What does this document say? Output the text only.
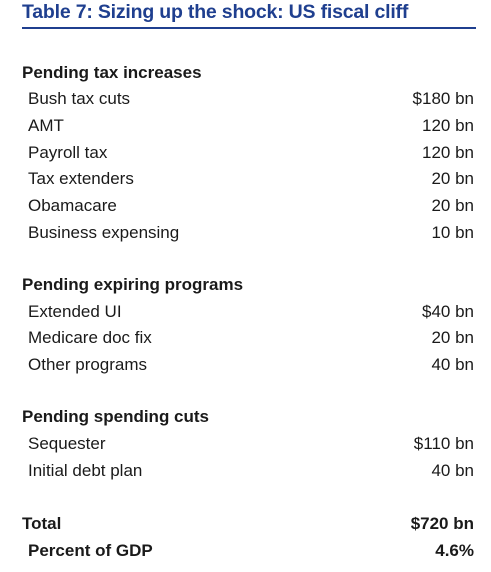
Table 7: Sizing up the shock: US fiscal cliff
Pending tax increases
Bush tax cuts	$180 bn
AMT	120 bn
Payroll tax	120 bn
Tax extenders	20 bn
Obamacare	20 bn
Business expensing	10 bn
Pending expiring programs
Extended UI	$40 bn
Medicare doc fix	20 bn
Other programs	40 bn
Pending spending cuts
Sequester	$110 bn
Initial debt plan	40 bn
Total	$720 bn
Percent of GDP	4.6%
